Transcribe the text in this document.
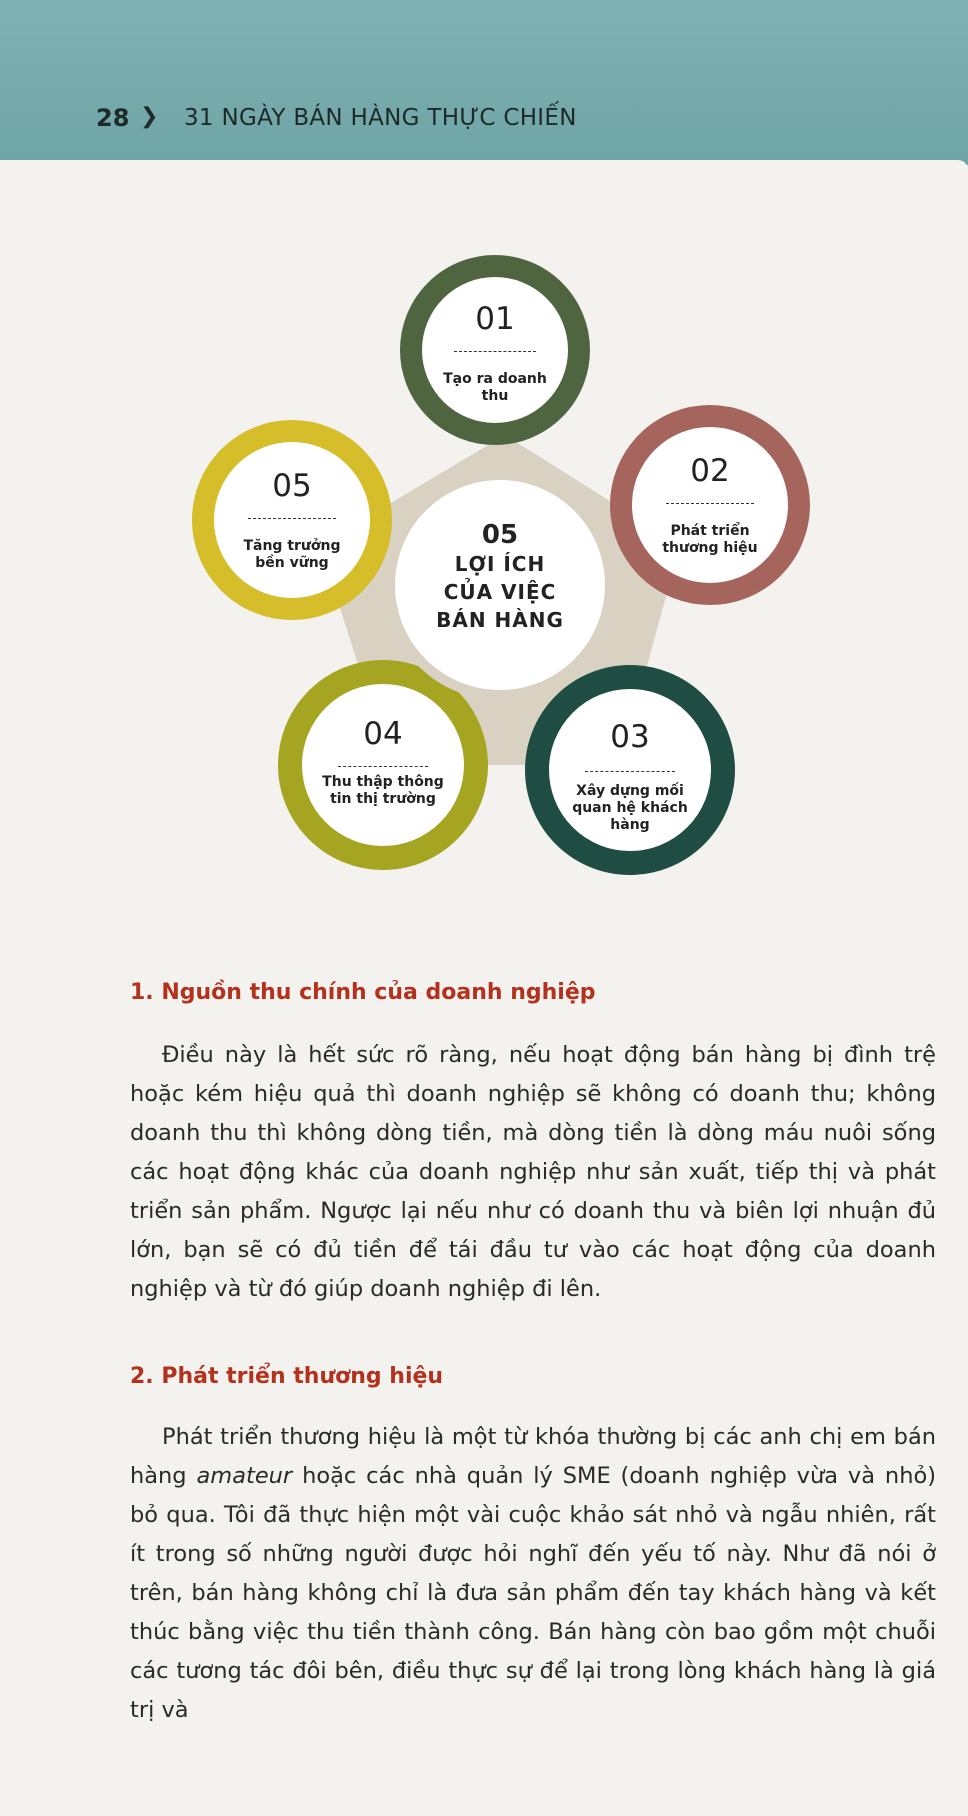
28 ❯ 31 NGÀY BÁN HÀNG THỰC CHIẾN
01
Tạo ra doanh thu
02
Phát triển thương hiệu
03
Xây dựng mối quan hệ khách hàng
04
Thu thập thông tin thị trường
05
Tăng trưởng bền vững
05
LỢI ÍCH
CỦA VIỆC
BÁN HÀNG
1. Nguồn thu chính của doanh nghiệp
Điều này là hết sức rõ ràng, nếu hoạt động bán hàng bị đình trệ hoặc kém hiệu quả thì doanh nghiệp sẽ không có doanh thu; không doanh thu thì không dòng tiền, mà dòng tiền là dòng máu nuôi sống các hoạt động khác của doanh nghiệp như sản xuất, tiếp thị và phát triển sản phẩm. Ngược lại nếu như có doanh thu và biên lợi nhuận đủ lớn, bạn sẽ có đủ tiền để tái đầu tư vào các hoạt động của doanh nghiệp và từ đó giúp doanh nghiệp đi lên.
2. Phát triển thương hiệu
Phát triển thương hiệu là một từ khóa thường bị các anh chị em bán hàng amateur hoặc các nhà quản lý SME (doanh nghiệp vừa và nhỏ) bỏ qua. Tôi đã thực hiện một vài cuộc khảo sát nhỏ và ngẫu nhiên, rất ít trong số những người được hỏi nghĩ đến yếu tố này. Như đã nói ở trên, bán hàng không chỉ là đưa sản phẩm đến tay khách hàng và kết thúc bằng việc thu tiền thành công. Bán hàng còn bao gồm một chuỗi các tương tác đôi bên, điều thực sự để lại trong lòng khách hàng là giá trị và
